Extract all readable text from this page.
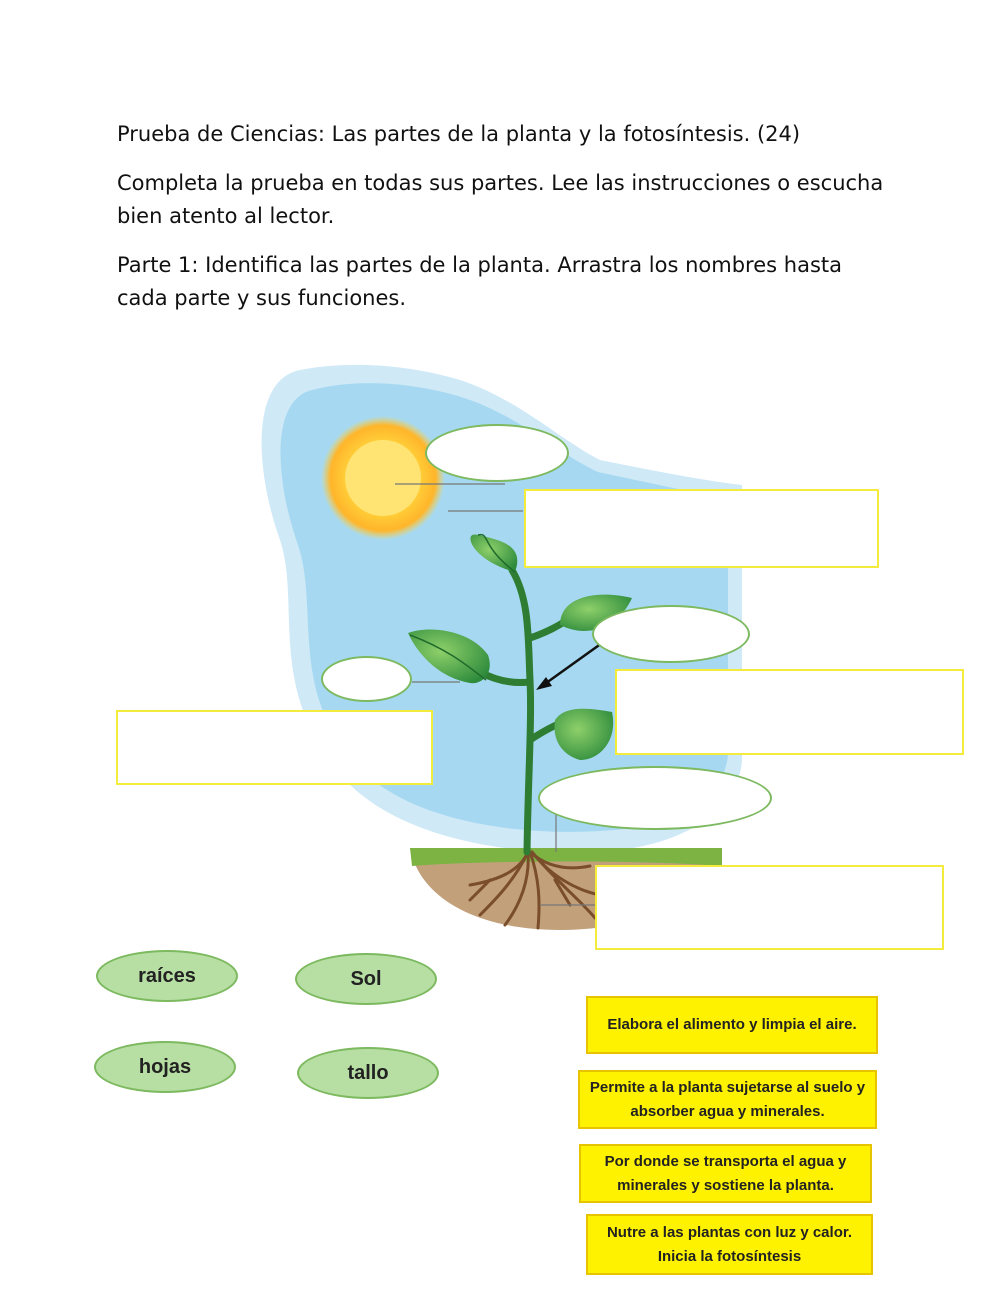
Prueba de Ciencias: Las partes de la planta y la fotosíntesis. (24)

Completa la prueba en todas sus partes. Lee las instrucciones o escucha bien atento al lector.

Parte 1: Identifica las partes de la planta. Arrastra los nombres hasta cada parte y sus funciones.

raíces	Sol
hojas	tallo
Elabora el alimento y limpia el aire.
Permite a la planta sujetarse al suelo y absorber agua y minerales.
Por donde se transporta el agua y minerales y sostiene la planta.
Nutre a las plantas con luz y calor. Inicia la fotosíntesis
